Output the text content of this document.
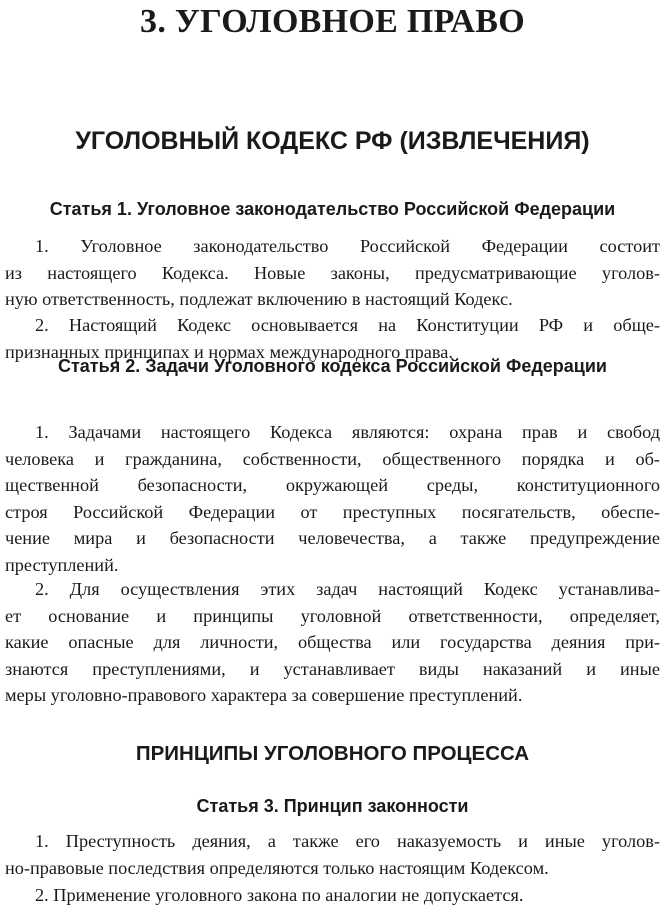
3. УГОЛОВНОЕ ПРАВО
УГОЛОВНЫЙ КОДЕКС РФ (ИЗВЛЕЧЕНИЯ)
Статья 1. Уголовное законодательство Российской Федерации
1. Уголовное законодательство Российской Федерации состоит
из настоящего Кодекса. Новые законы, предусматривающие уголов-
ную ответственность, подлежат включению в настоящий Кодекс.
2. Настоящий Кодекс основывается на Конституции РФ и обще-
признанных принципах и нормах международного права.
Статья 2. Задачи Уголовного кодекса Российской Федерации
1. Задачами настоящего Кодекса являются: охрана прав и свобод
человека и гражданина, собственности, общественного порядка и об-
щественной безопасности, окружающей среды, конституционного
строя Российской Федерации от преступных посягательств, обеспе-
чение мира и безопасности человечества, а также предупреждение
преступлений.
2. Для осуществления этих задач настоящий Кодекс устанавлива-
ет основание и принципы уголовной ответственности, определяет,
какие опасные для личности, общества или государства деяния при-
знаются преступлениями, и устанавливает виды наказаний и иные
меры уголовно-правового характера за совершение преступлений.
ПРИНЦИПЫ УГОЛОВНОГО ПРОЦЕССА
Статья 3. Принцип законности
1. Преступность деяния, а также его наказуемость и иные уголов-
но-правовые последствия определяются только настоящим Кодексом.
2. Применение уголовного закона по аналогии не допускается.
